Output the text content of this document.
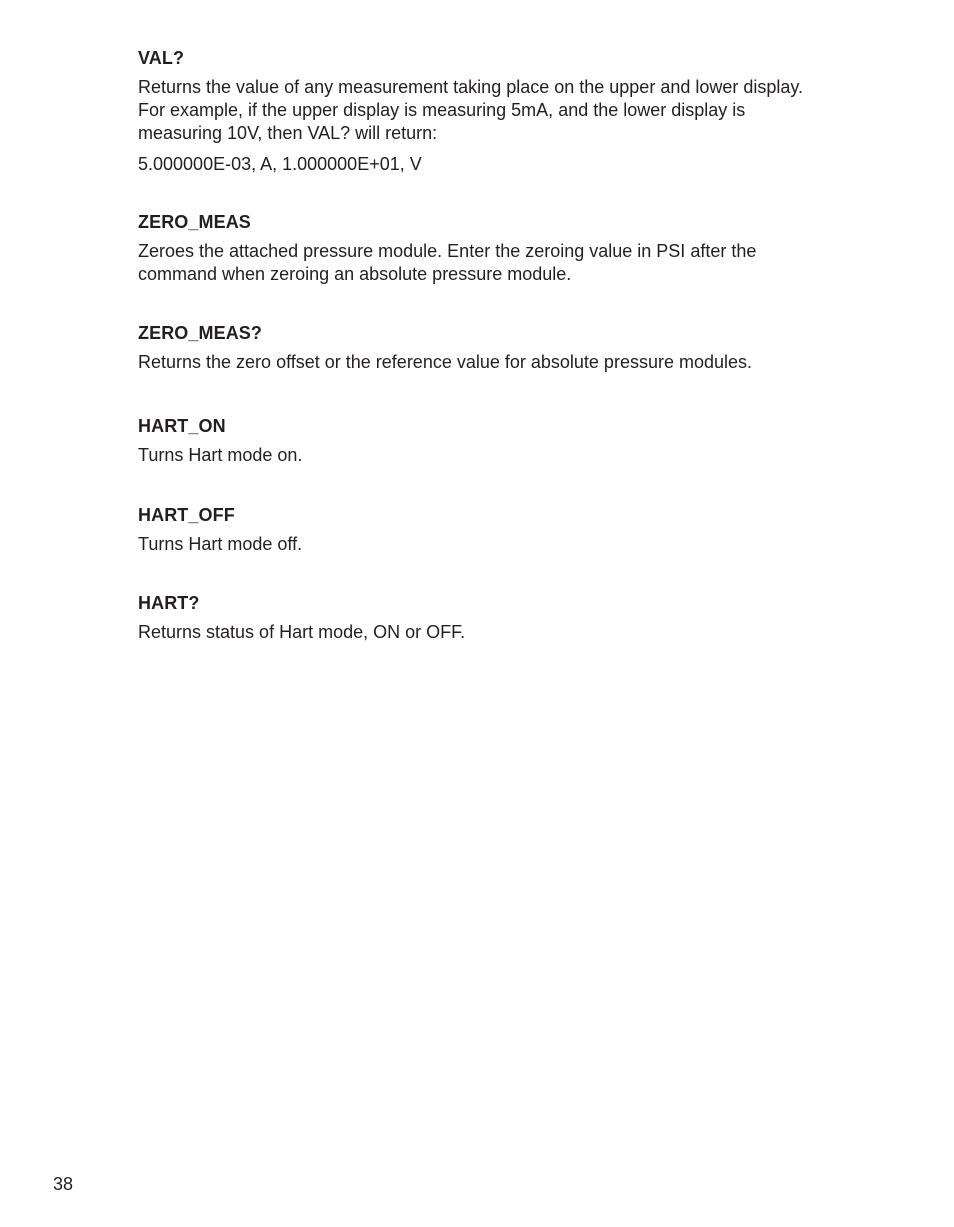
VAL?
Returns the value of any measurement taking place on the upper and lower display.
For example, if the upper display is measuring 5mA, and the lower display is
measuring 10V, then VAL? will return:
5.000000E-03, A, 1.000000E+01, V
ZERO_MEAS
Zeroes the attached pressure module. Enter the zeroing value in PSI after the
command when zeroing an absolute pressure module.
ZERO_MEAS?
Returns the zero offset or the reference value for absolute pressure modules.
HART_ON
Turns Hart mode on.
HART_OFF
Turns Hart mode off.
HART?
Returns status of Hart mode, ON or OFF.
38
